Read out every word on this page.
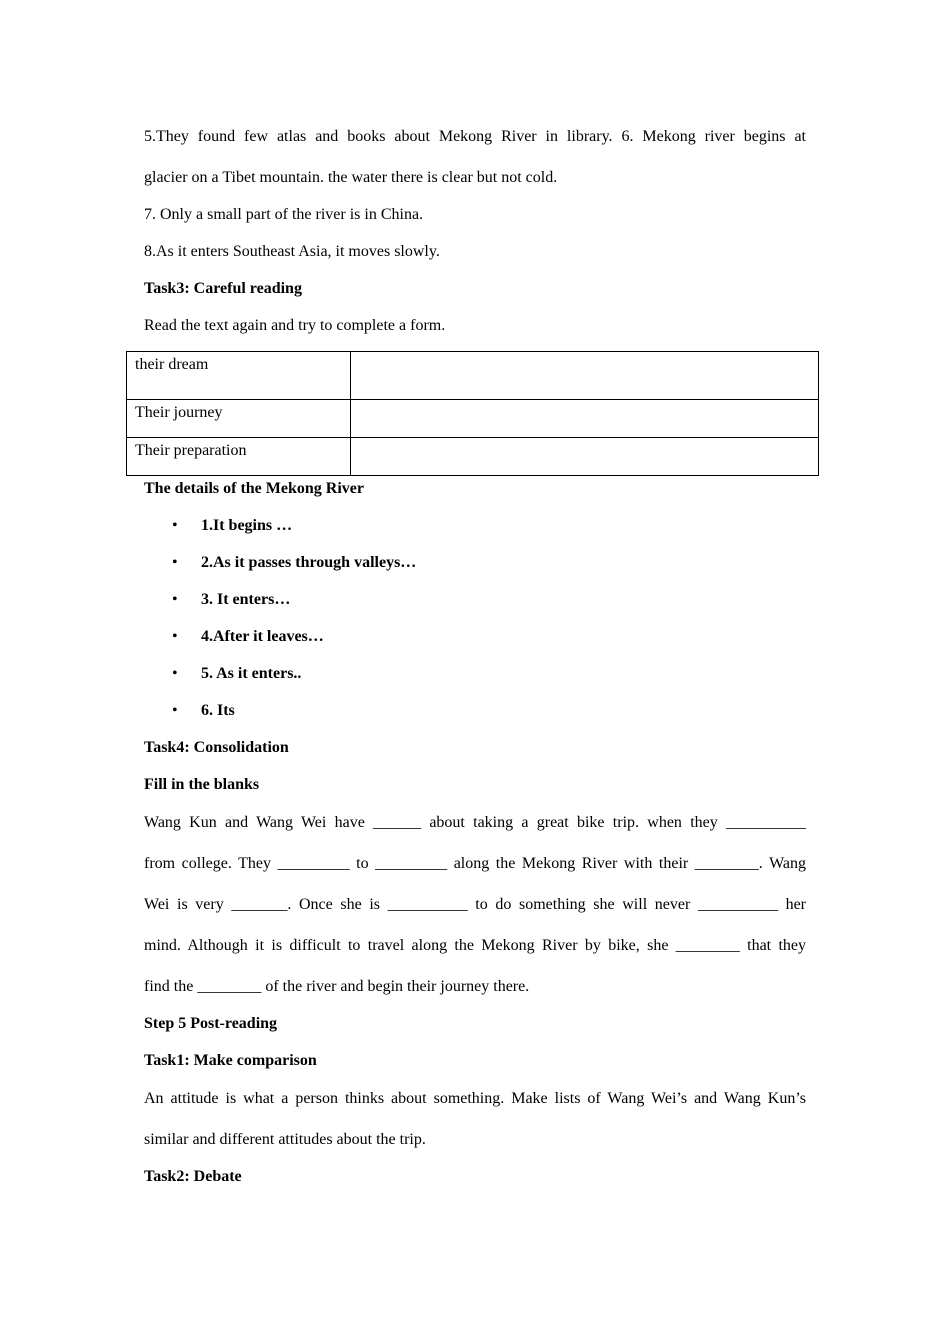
5.They found few atlas and books about Mekong River in library. 6. Mekong river begins at
glacier on a Tibet mountain. the water there is clear but not cold.
7. Only a small part of the river is in China.
8.As it enters Southeast Asia, it moves slowly.
Task3: Careful reading
Read the text again and try to complete a form.
their dream	
Their journey	
Their preparation	
The details of the Mekong River
• 1.It begins …
• 2.As it passes through valleys…
• 3. It enters…
• 4.After it leaves…
• 5. As it enters..
• 6. Its
Task4: Consolidation
Fill in the blanks
Wang Kun and Wang Wei have ______ about taking a great bike trip. when they __________
from college. They _________ to _________ along the Mekong River with their ________. Wang
Wei is very _______. Once she is __________ to do something she will never __________ her
mind. Although it is difficult to travel along the Mekong River by bike, she ________ that they
find the ________ of the river and begin their journey there.
Step 5 Post-reading
Task1: Make comparison
An attitude is what a person thinks about something. Make lists of Wang Wei’s and Wang Kun’s
similar and different attitudes about the trip.
Task2: Debate
